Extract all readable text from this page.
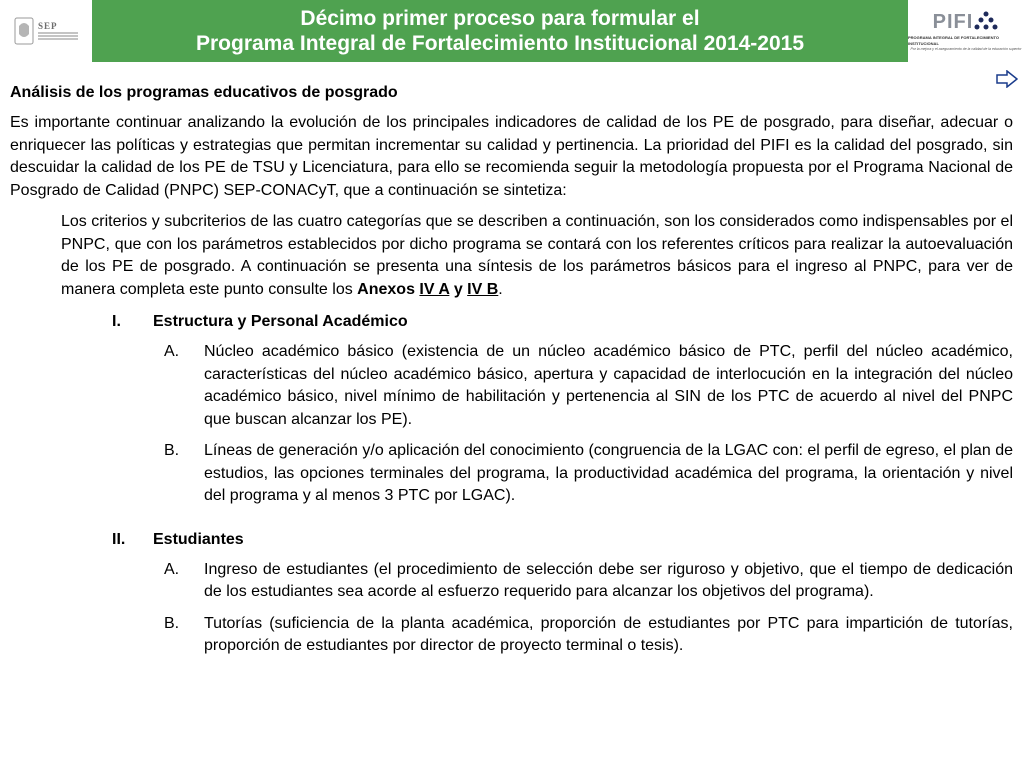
SEP	Décimo primer proceso para formular el
Programa Integral de Fortalecimiento Institucional 2014-2015
PIFI
PROGRAMA INTEGRAL DE FORTALECIMIENTO INSTITUCIONAL
Por la mejora y el aseguramiento de la calidad de la educación superior
Análisis de los programas educativos de posgrado

Es importante continuar analizando la evolución de los principales indicadores de calidad de los PE de posgrado, para diseñar, adecuar o enriquecer las políticas y estrategias que permitan incrementar su calidad y pertinencia. La prioridad del PIFI es la calidad del posgrado, sin descuidar la calidad de los PE de TSU y Licenciatura, para ello se recomienda seguir la metodología propuesta por el Programa Nacional de Posgrado de Calidad (PNPC) SEP-CONACyT, que a continuación se sintetiza:

Los criterios y subcriterios de las cuatro categorías que se describen a continuación, son los considerados como indispensables por el PNPC, que con los parámetros establecidos por dicho programa se contará con los referentes críticos para realizar la autoevaluación de los PE de posgrado. A continuación se presenta una síntesis de los parámetros básicos para el ingreso al PNPC, para ver de manera completa este punto consulte los Anexos IV A y IV B.

I.	Estructura y Personal Académico
A.	Núcleo académico básico (existencia de un núcleo académico básico de PTC, perfil del núcleo académico, características del núcleo académico básico, apertura y capacidad de interlocución en la integración del núcleo académico básico, nivel mínimo de habilitación y pertenencia al SIN de los PTC de acuerdo al nivel del PNPC que buscan alcanzar los PE).

B.	Líneas de generación y/o aplicación del conocimiento (congruencia de la LGAC con: el perfil de egreso, el plan de estudios, las opciones terminales del programa, la productividad académica del programa, la orientación y nivel del programa y al menos 3 PTC por LGAC).

II.	Estudiantes
A.	Ingreso de estudiantes (el procedimiento de selección debe ser riguroso y objetivo, que el tiempo de dedicación de los estudiantes sea acorde al esfuerzo requerido para alcanzar los objetivos del programa).

B.	Tutorías (suficiencia de la planta académica, proporción de estudiantes por PTC para impartición de tutorías, proporción de estudiantes por director de proyecto terminal o tesis).
